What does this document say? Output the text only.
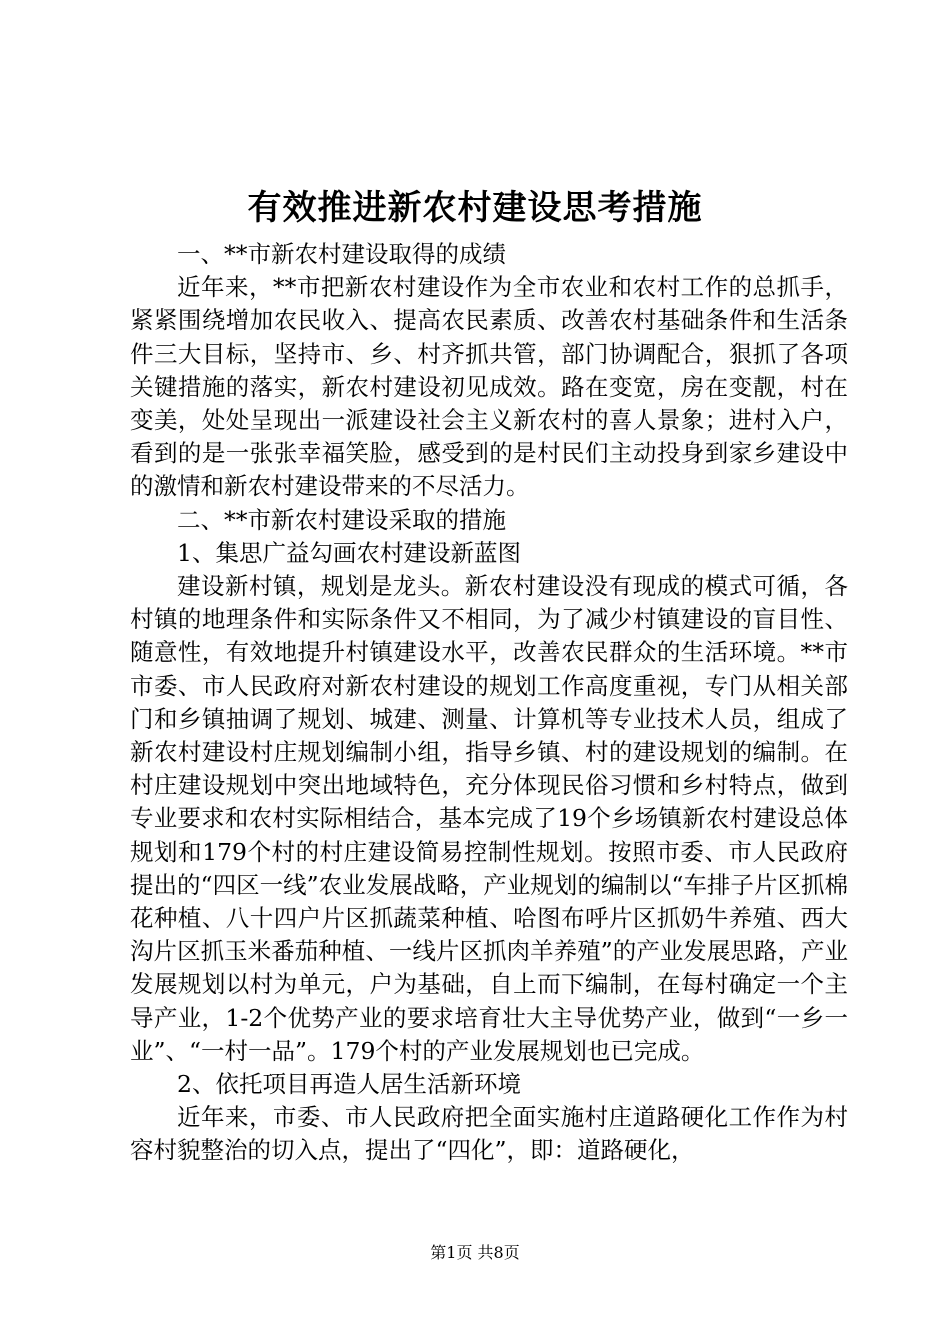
有效推进新农村建设思考措施

一、**市新农村建设取得的成绩

近年来，**市把新农村建设作为全市农业和农村工作的总抓手，紧紧围绕增加农民收入、提高农民素质、改善农村基础条件和生活条件三大目标，坚持市、乡、村齐抓共管，部门协调配合，狠抓了各项关键措施的落实，新农村建设初见成效。路在变宽，房在变靓，村在变美，处处呈现出一派建设社会主义新农村的喜人景象；进村入户，看到的是一张张幸福笑脸，感受到的是村民们主动投身到家乡建设中的激情和新农村建设带来的不尽活力。

二、**市新农村建设采取的措施

1、集思广益勾画农村建设新蓝图

建设新村镇，规划是龙头。新农村建设没有现成的模式可循，各村镇的地理条件和实际条件又不相同，为了减少村镇建设的盲目性、随意性，有效地提升村镇建设水平，改善农民群众的生活环境。**市市委、市人民政府对新农村建设的规划工作高度重视，专门从相关部门和乡镇抽调了规划、城建、测量、计算机等专业技术人员，组成了新农村建设村庄规划编制小组，指导乡镇、村的建设规划的编制。在村庄建设规划中突出地域特色，充分体现民俗习惯和乡村特点，做到专业要求和农村实际相结合，基本完成了19个乡场镇新农村建设总体规划和179个村的村庄建设简易控制性规划。按照市委、市人民政府提出的“四区一线”农业发展战略，产业规划的编制以“车排子片区抓棉花种植、八十四户片区抓蔬菜种植、哈图布呼片区抓奶牛养殖、西大沟片区抓玉米番茄种植、一线片区抓肉羊养殖”的产业发展思路，产业发展规划以村为单元，户为基础，自上而下编制，在每村确定一个主导产业，1-2个优势产业的要求培育壮大主导优势产业，做到“一乡一业”、“一村一品”。179个村的产业发展规划也已完成。

2、依托项目再造人居生活新环境

近年来，市委、市人民政府把全面实施村庄道路硬化工作作为村容村貌整治的切入点，提出了“四化”，即：道路硬化，

第1页 共8页
